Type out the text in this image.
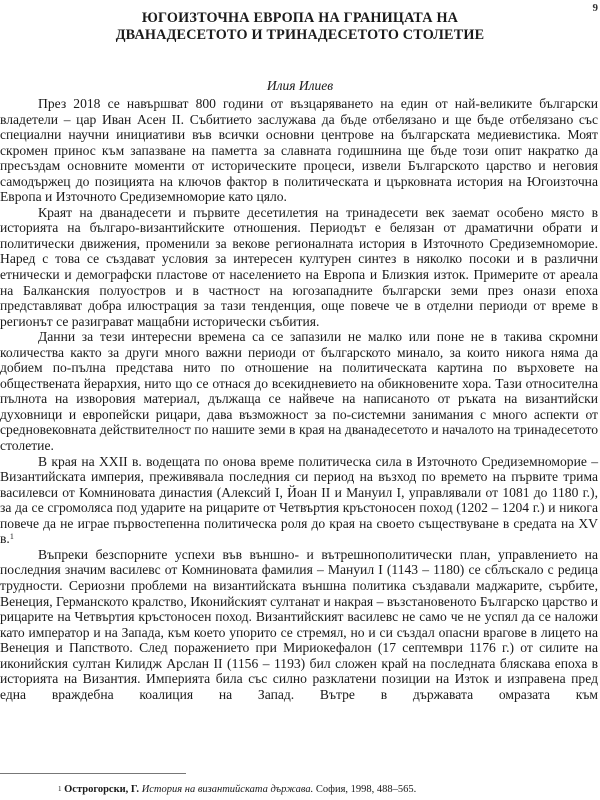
9
ЮГОИЗТОЧНА ЕВРОПА НА ГРАНИЦАТА НА
ДВАНАДЕСЕТОТО И ТРИНАДЕСЕТОТО СТОЛЕТИЕ
Илия Илиев

През 2018 се навършват 800 години от възцаряването на един от най-великите български владетели – цар Иван Асен II. Събитието заслужава да бъде отбелязано и ще бъде отбелязано със специални научни инициативи във всички основни центрове на българската медиевистика. Моят скромен принос към запазване на паметта за славната годишнина ще бъде този опит накратко да пресъздам основните моменти от историческите процеси, извели Българското царство и неговия самодържец до позицията на ключов фактор в политическата и църковната история на Югоизточна Европа и Източното Средиземноморие като цяло.

Краят на дванадесети и първите десетилетия на тринадесети век заемат особено място в историята на българо-византийските отношения. Периодът е белязан от драматични обрати и политически движения, променили за векове регионалната история в Източното Средиземноморие. Наред с това се създават условия за интересен културен синтез в няколко посоки и в различни етнически и демографски пластове от населението на Европа и Близкия изток. Примерите от ареала на Балканския полуостров и в частност на югозападните български земи през онази епоха представляват добра илюстрация за тази тенденция, още повече че в отделни периоди от време в регионът се разиграват мащабни исторически събития.

Данни за тези интересни времена са се запазили не малко или поне не в такива скромни количества както за други много важни периоди от българското минало, за които никога няма да добием по-пълна представа нито по отношение на политическата картина по върховете на обществената йерархия, нито що се отнася до всекидневието на обикновените хора. Тази относителна пълнота на изворовия материал, дължаща се найвече на написаното от ръката на византийски духовници и европейски рицари, дава възможност за по-системни занимания с много аспекти от средновековната действителност по нашите земи в края на дванадесетото и началото на тринадесетото столетие.

В края на XXII в. водещата по онова време политическа сила в Източното Средиземноморие – Византийската империя, преживявала последния си период на възход по времето на първите трима василевси от Комниновата династия (Алексий I, Йоан II и Мануил I, управлявали от 1081 до 1180 г.), за да се сгромоляса под ударите на рицарите от Четвъртия кръстоносен поход (1202 – 1204 г.) и никога повече да не играе първостепенна политическа роля до края на своето съществуване в средата на XV в.$^1$

Въпреки безспорните успехи във външно- и вътрешнополитически план, управлението на последния значим василевс от Комниновата фамилия – Мануил I (1143 – 1180) се сблъскало с редица трудности. Сериозни проблеми на византийската външна политика създавали маджарите, сърбите, Венеция, Германското кралство, Иконийският султанат и накрая – възстановеното Българско царство и рицарите на Четвъртия кръстоносен поход. Византийският василевс не само че не успял да се наложи като император и на Запада, към което упорито се стремял, но и си създал опасни врагове в лицето на Венеция и Папството. След поражението при Мириокефалон (17 септември 1176 г.) от силите на иконийския султан Килидж Арслан II (1156 – 1193) бил сложен край на последната бляскава епоха в историята на Византия. Империята била със силно разклатени позиции на Изток и изправена пред една враждебна коалиция на Запад. Вътре в държавата омразата към

$^1$ Острогорски, Г. История на византийската държава. София, 1998, 488–565.
